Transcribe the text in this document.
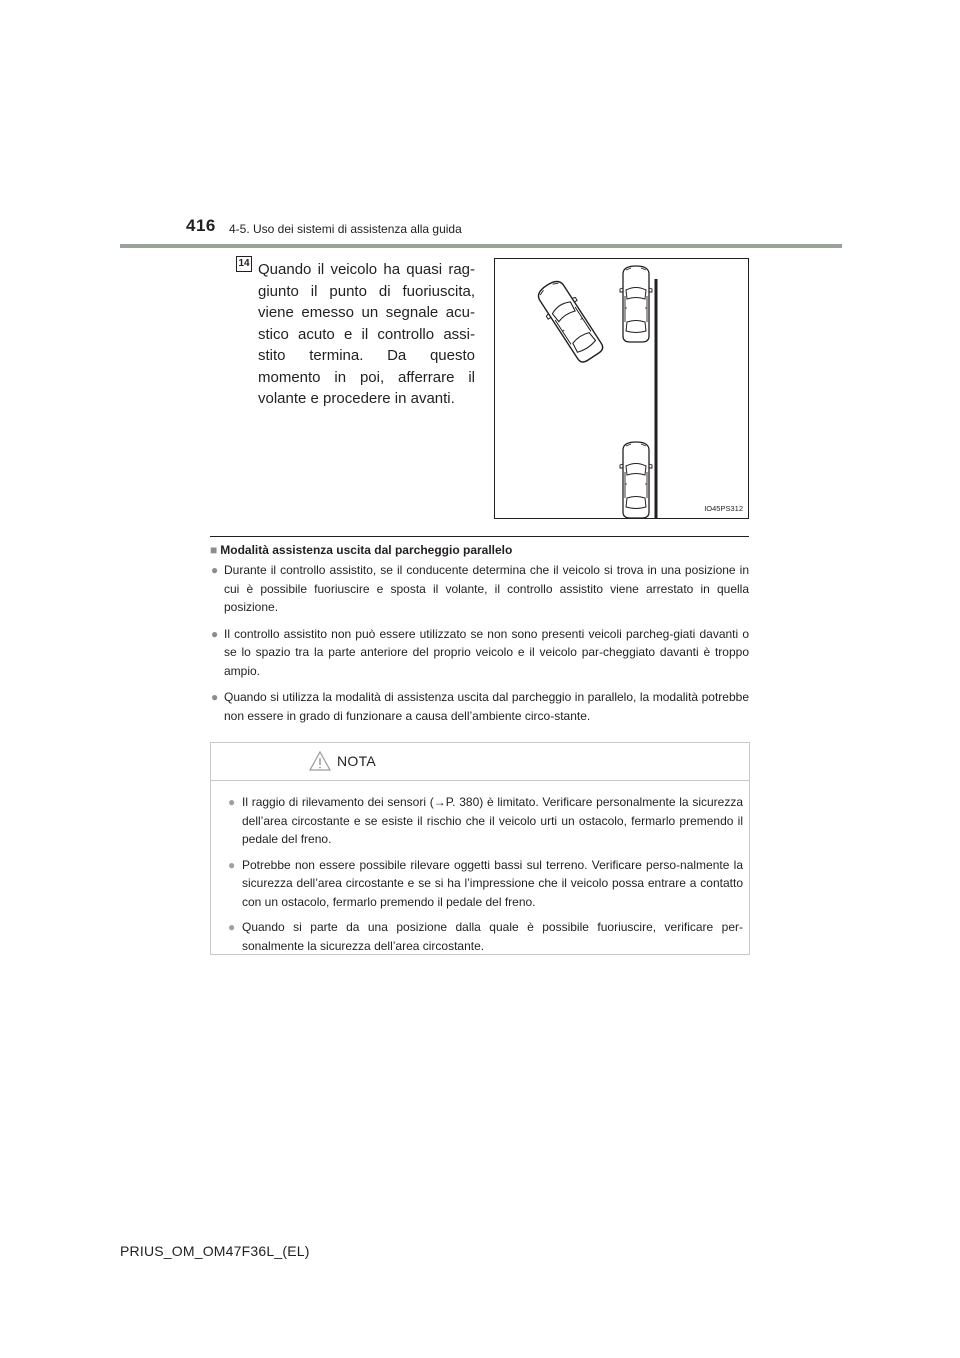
416 4-5. Uso dei sistemi di assistenza alla guida
14 Quando il veicolo ha quasi rag-giunto il punto di fuoriuscita, viene emesso un segnale acu-stico acuto e il controllo assi-stito termina. Da questo momento in poi, afferrare il volante e procedere in avanti.
IO45PS312
■ Modalità assistenza uscita dal parcheggio parallelo
● Durante il controllo assistito, se il conducente determina che il veicolo si trova in una posizione in cui è possibile fuoriuscire e sposta il volante, il controllo assistito viene arrestato in quella posizione.
● Il controllo assistito non può essere utilizzato se non sono presenti veicoli parcheg-giati davanti o se lo spazio tra la parte anteriore del proprio veicolo e il veicolo par-cheggiato davanti è troppo ampio.
● Quando si utilizza la modalità di assistenza uscita dal parcheggio in parallelo, la modalità potrebbe non essere in grado di funzionare a causa dell’ambiente circo-stante.
NOTA
● Il raggio di rilevamento dei sensori (→P. 380) è limitato. Verificare personalmente la sicurezza dell’area circostante e se esiste il rischio che il veicolo urti un ostacolo, fermarlo premendo il pedale del freno.
● Potrebbe non essere possibile rilevare oggetti bassi sul terreno. Verificare perso-nalmente la sicurezza dell’area circostante e se si ha l’impressione che il veicolo possa entrare a contatto con un ostacolo, fermarlo premendo il pedale del freno.
● Quando si parte da una posizione dalla quale è possibile fuoriuscire, verificare per-sonalmente la sicurezza dell’area circostante.
PRIUS_OM_OM47F36L_(EL)
